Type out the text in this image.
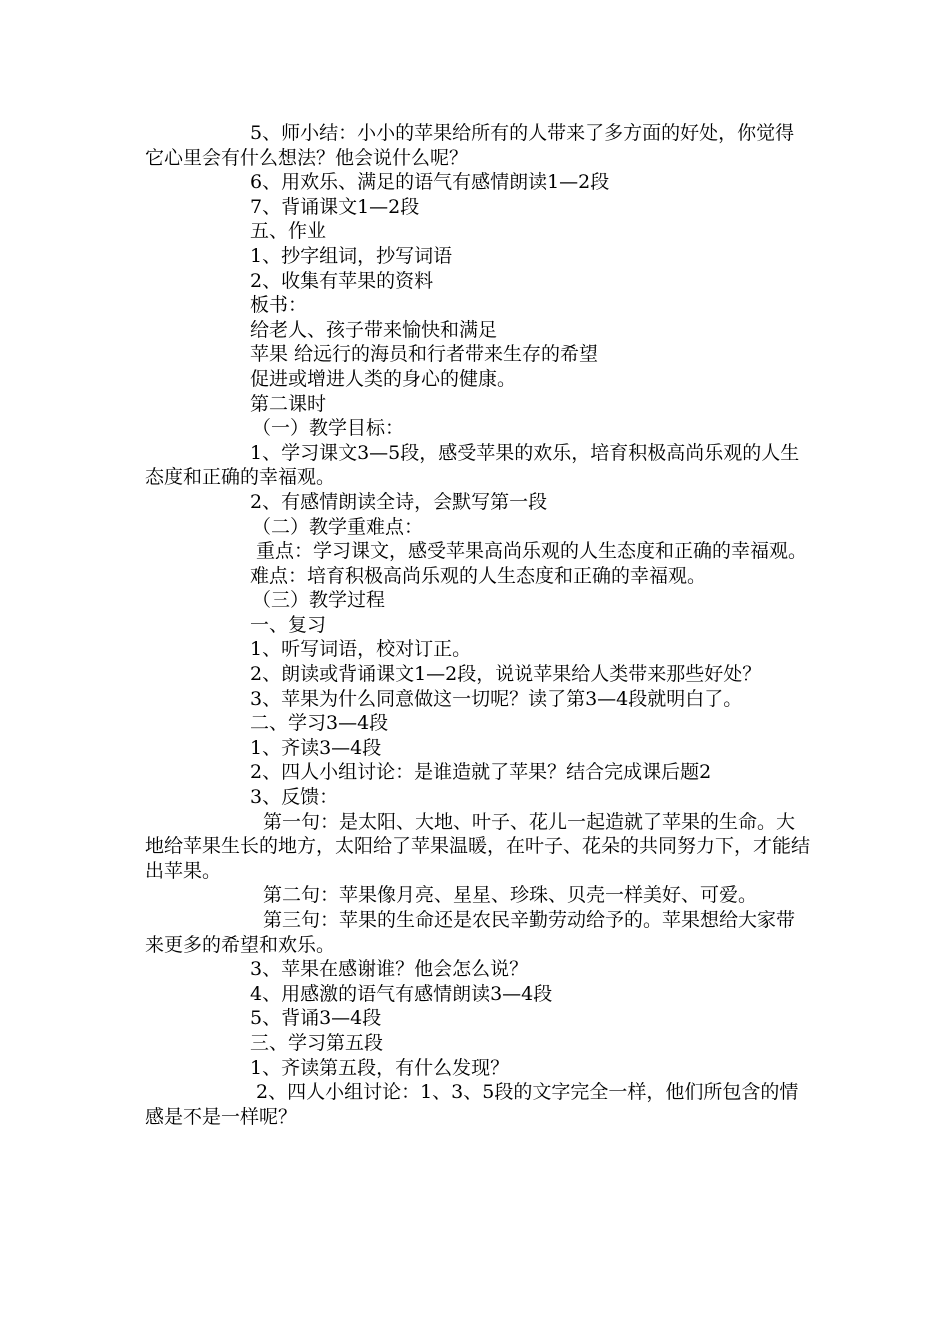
5、师小结：小小的苹果给所有的人带来了多方面的好处，你觉得它心里会有什么想法？他会说什么呢？

6、用欢乐、满足的语气有感情朗读1—2段

7、背诵课文1—2段

五、作业

1、抄字组词，抄写词语

2、收集有苹果的资料

板书：

给老人、孩子带来愉快和满足

苹果 给远行的海员和行者带来生存的希望

促进或增进人类的身心的健康。

第二课时

（一）教学目标：

1、学习课文3—5段，感受苹果的欢乐，培育积极高尚乐观的人生态度和正确的幸福观。

2、有感情朗读全诗，会默写第一段

（二）教学重难点：

重点：学习课文，感受苹果高尚乐观的人生态度和正确的幸福观。

难点：培育积极高尚乐观的人生态度和正确的幸福观。

（三）教学过程

一、复习

1、听写词语，校对订正。

2、朗读或背诵课文1—2段，说说苹果给人类带来那些好处？

3、苹果为什么同意做这一切呢？读了第3—4段就明白了。

二、学习3—4段

1、齐读3—4段

2、四人小组讨论：是谁造就了苹果？结合完成课后题2

3、反馈：

第一句：是太阳、大地、叶子、花儿一起造就了苹果的生命。大地给苹果生长的地方，太阳给了苹果温暖，在叶子、花朵的共同努力下，才能结出苹果。

第二句：苹果像月亮、星星、珍珠、贝壳一样美好、可爱。

第三句：苹果的生命还是农民辛勤劳动给予的。苹果想给大家带来更多的希望和欢乐。

3、苹果在感谢谁？他会怎么说？

4、用感激的语气有感情朗读3—4段

5、背诵3—4段

三、学习第五段

1、齐读第五段，有什么发现？

2、四人小组讨论：1、3、5段的文字完全一样，他们所包含的情感是不是一样呢？
